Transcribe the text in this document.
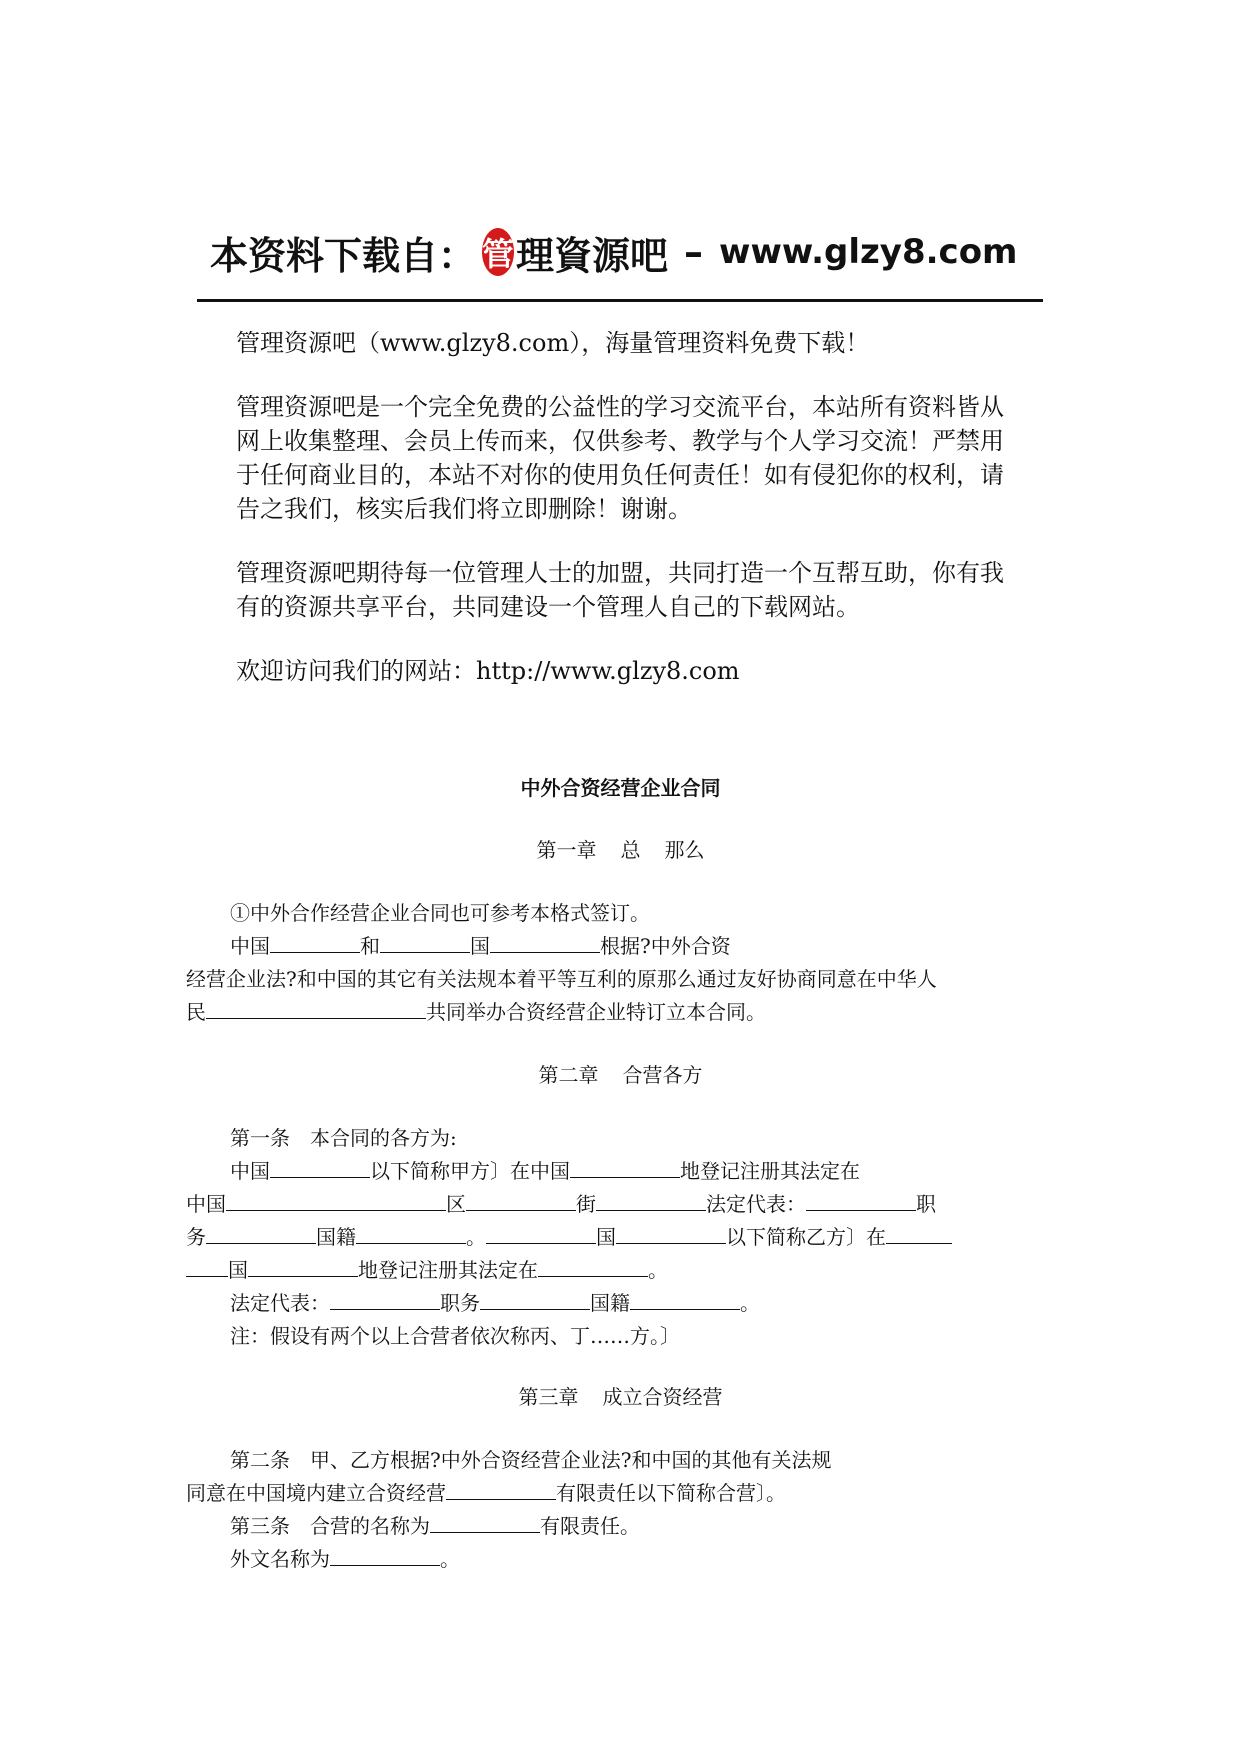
本资料下载自： 管 理資源吧 – www.glzy8.com

管理资源吧（www.glzy8.com），海量管理资料免费下载！

管理资源吧是一个完全免费的公益性的学习交流平台，本站所有资料皆从网上收集整理、会员上传而来，仅供参考、教学与个人学习交流！严禁用于任何商业目的，本站不对你的使用负任何责任！如有侵犯你的权利，请告之我们，核实后我们将立即删除！谢谢。

管理资源吧期待每一位管理人士的加盟，共同打造一个互帮互助，你有我有的资源共享平台，共同建设一个管理人自己的下载网站。

欢迎访问我们的网站：http://www.glzy8.com

中外合资经营企业合同
第一章 总 那么
①中外合作经营企业合同也可参考本格式签订。
中国	和	国	根据?中外合资
经营企业法?和中国的其它有关法规本着平等互利的原那么通过友好协商同意在中华人
民	共同举办合资经营企业特订立本合同。
第二章 合营各方
第一条　本合同的各方为:
中国	以下简称甲方〕在中国	地登记注册其法定在
中国	区	街	法定代表：	职
务	国籍	。	国	以下简称乙方〕在
国	地登记注册其法定在	。
法定代表：	职务	国籍	。
注：假设有两个以上合营者依次称丙、丁……方。〕
第三章 成立合资经营
第二条　甲、乙方根据?中外合资经营企业法?和中国的其他有关法规
同意在中国境内建立合资经营	有限责任以下简称合营〕。
第三条　合营的名称为	有限责任。
外文名称为	。
